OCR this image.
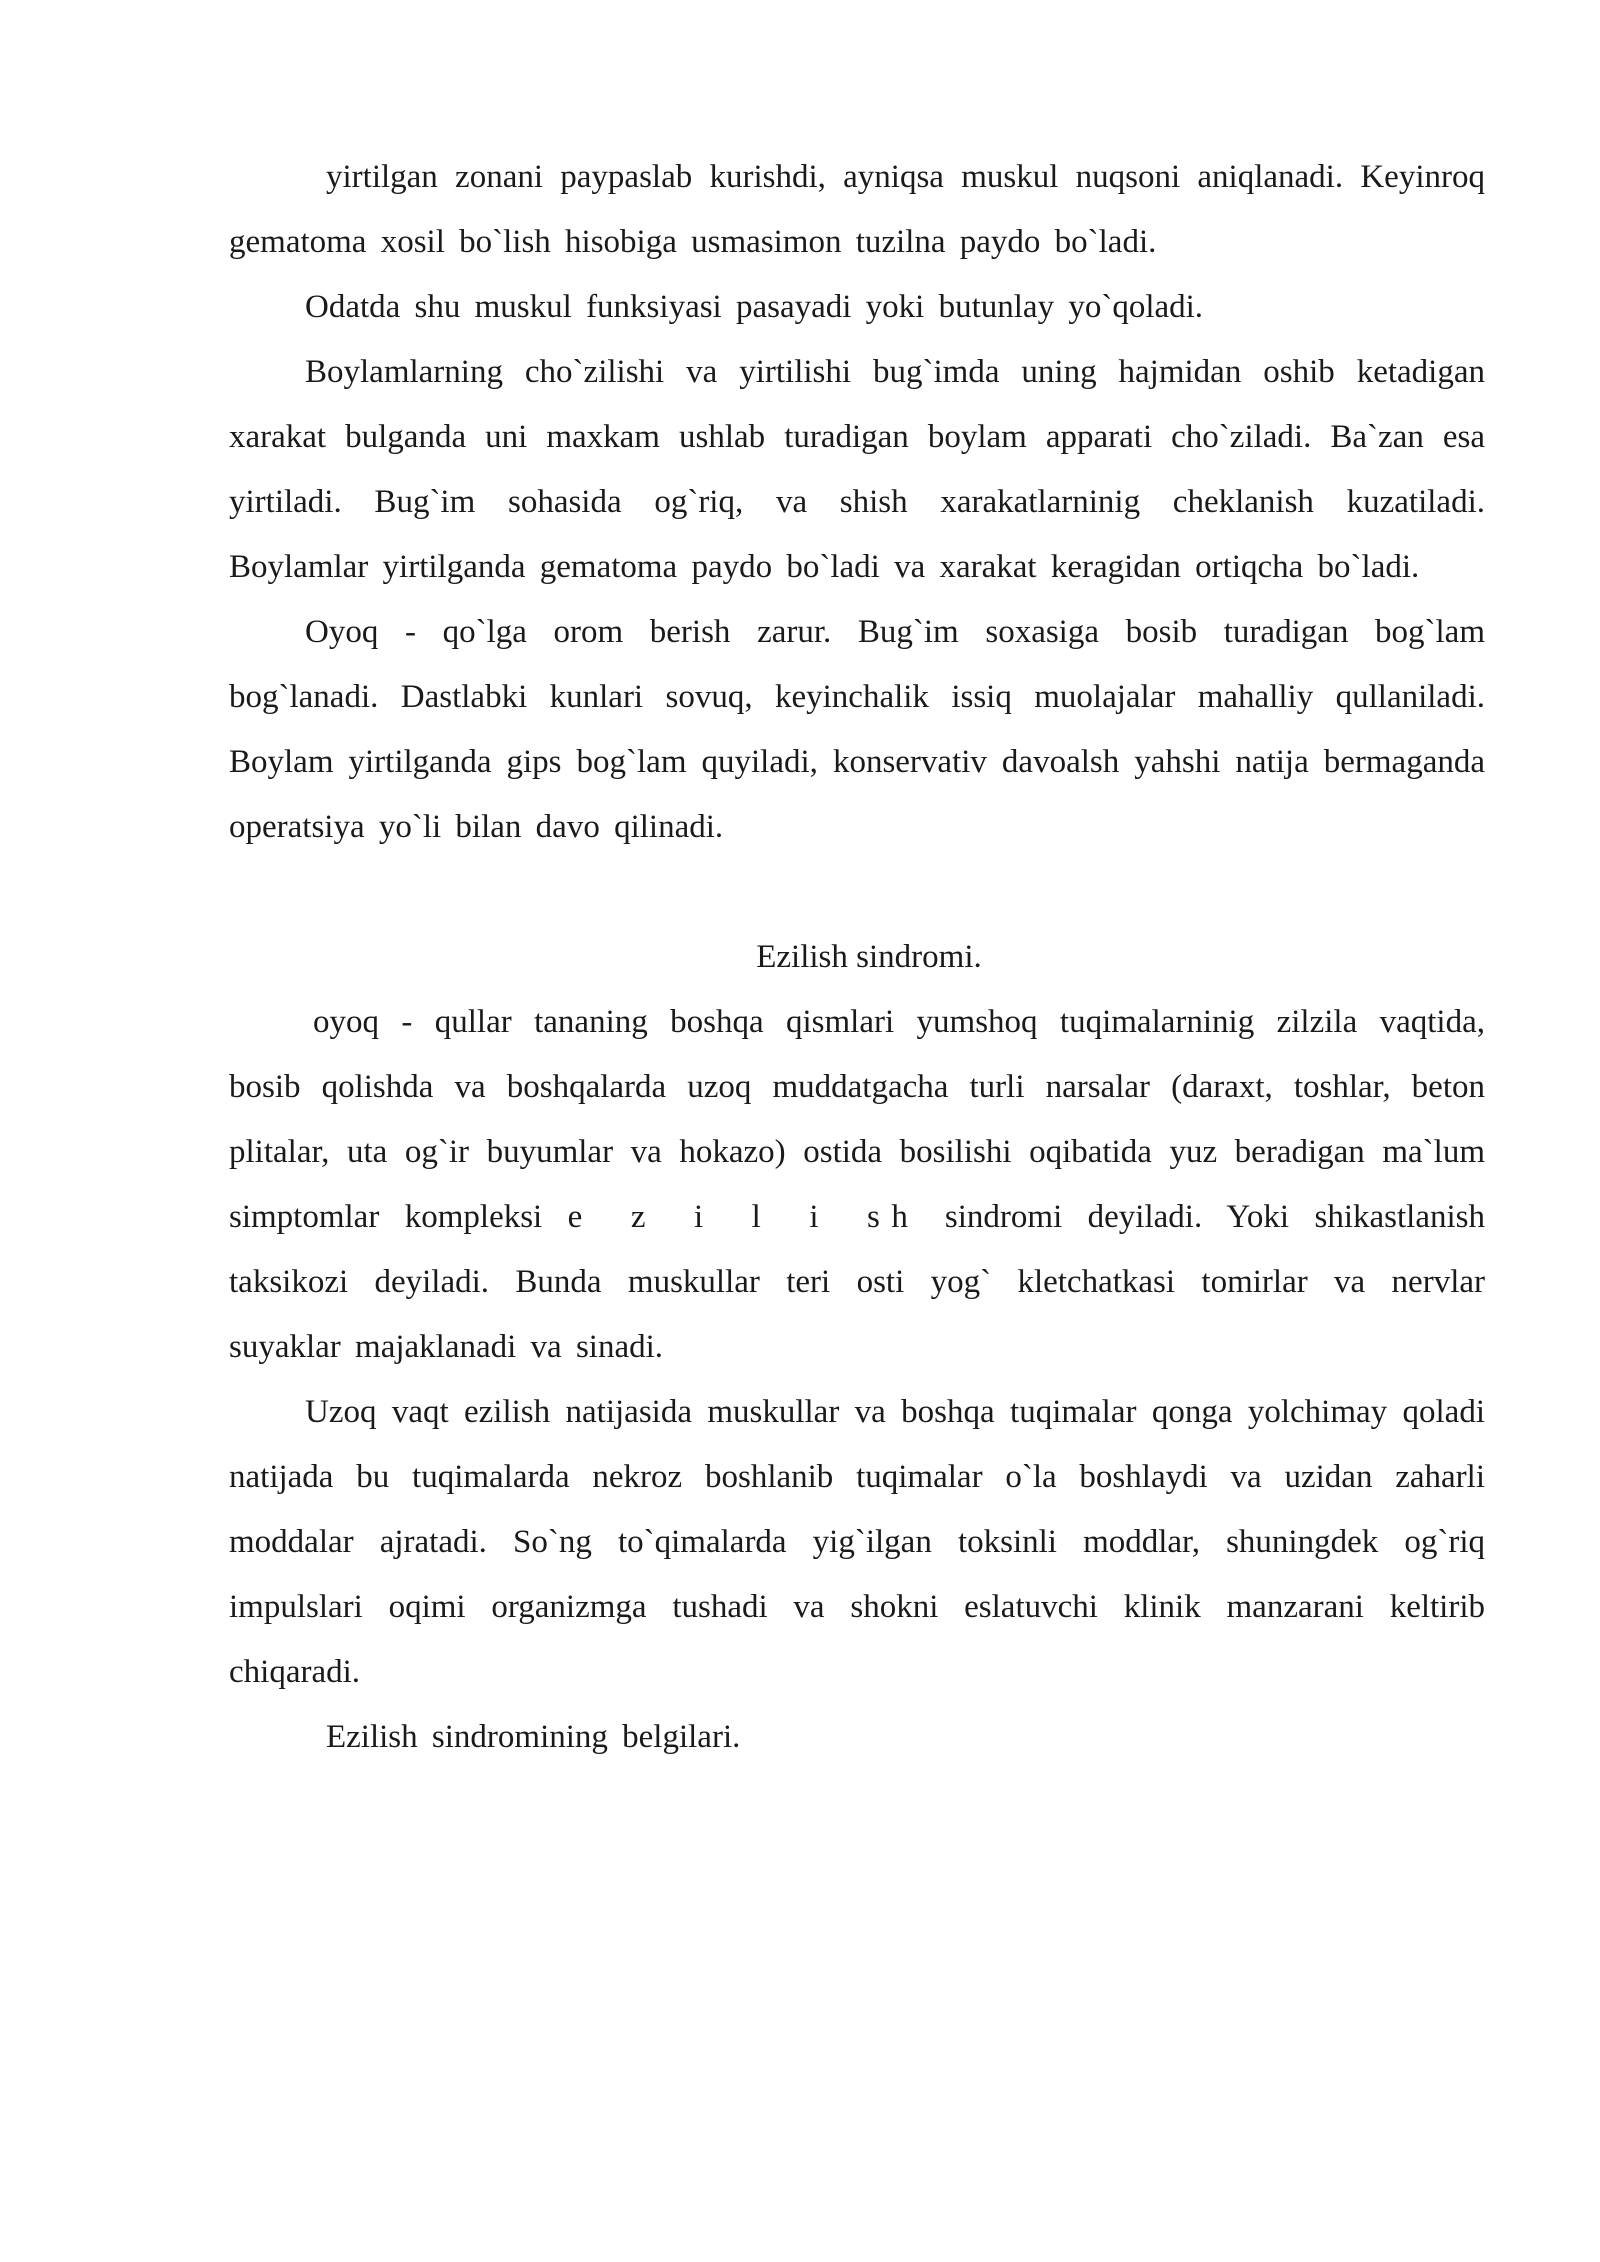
yirtilgan zonani paypaslab kurishdi, ayniqsa muskul nuqsoni aniqlanadi. Keyinroq gematoma xosil bo`lish hisobiga usmasimon tuzilna paydo bo`ladi.

Odatda shu muskul funksiyasi pasayadi yoki butunlay yo`qoladi.

Boylamlarning cho`zilishi va yirtilishi bug`imda uning hajmidan oshib ketadigan xarakat bulganda uni maxkam ushlab turadigan boylam apparati cho`ziladi. Ba`zan esa yirtiladi. Bug`im sohasida og`riq, va shish xarakatlarninig cheklanish kuzatiladi. Boylamlar yirtilganda gematoma paydo bo`ladi va xarakat keragidan ortiqcha bo`ladi.

Oyoq - qo`lga orom berish zarur. Bug`im soxasiga bosib turadigan bog`lam bog`lanadi. Dastlabki kunlari sovuq, keyinchalik issiq muolajalar mahalliy qullaniladi. Boylam yirtilganda gips bog`lam quyiladi, konservativ davoalsh yahshi natija bermaganda operatsiya yo`li bilan davo qilinadi.

Ezilish sindromi.

oyoq - qullar tananing boshqa qismlari yumshoq tuqimalarninig zilzila vaqtida, bosib qolishda va boshqalarda uzoq muddatgacha turli narsalar (daraxt, toshlar, beton plitalar, uta og`ir buyumlar va hokazo) ostida bosilishi oqibatida yuz beradigan ma`lum simptomlar kompleksi e z i l i sh sindromi deyiladi. Yoki shikastlanish taksikozi deyiladi. Bunda muskullar teri osti yog` kletchatkasi tomirlar va nervlar suyaklar majaklanadi va sinadi.

Uzoq vaqt ezilish natijasida muskullar va boshqa tuqimalar qonga yolchimay qoladi natijada bu tuqimalarda nekroz boshlanib tuqimalar o`la boshlaydi va uzidan zaharli moddalar ajratadi. So`ng to`qimalarda yig`ilgan toksinli moddlar, shuningdek og`riq impulslari oqimi organizmga tushadi va shokni eslatuvchi klinik manzarani keltirib chiqaradi.

Ezilish sindromining belgilari.
